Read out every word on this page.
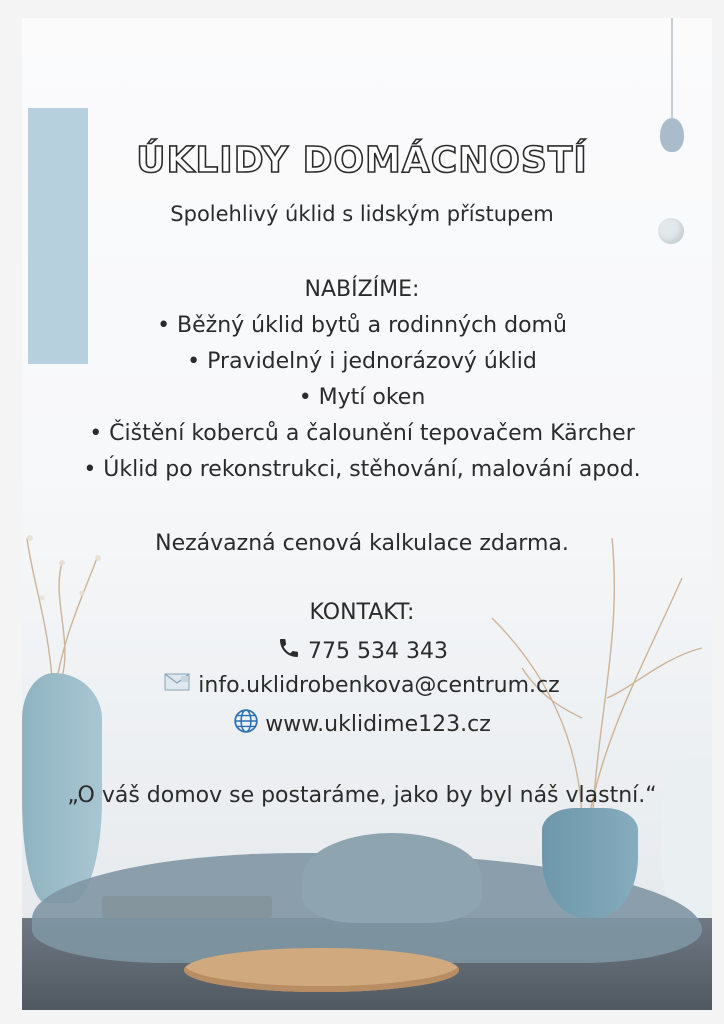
ÚKLIDY DOMÁCNOSTÍ

Spolehlivý úklid s lidským přístupem

NABÍZÍME:

• Běžný úklid bytů a rodinných domů

• Pravidelný i jednorázový úklid

• Mytí oken

• Čištění koberců a čalounění tepovačem Kärcher

• Úklid po rekonstrukci, stěhování, malování apod.

Nezávazná cenová kalkulace zdarma.

KONTAKT:

775 534 343
info.uklidrobenkova@centrum.cz
www.uklidime123.cz

„O váš domov se postaráme, jako by byl náš vlastní.“
